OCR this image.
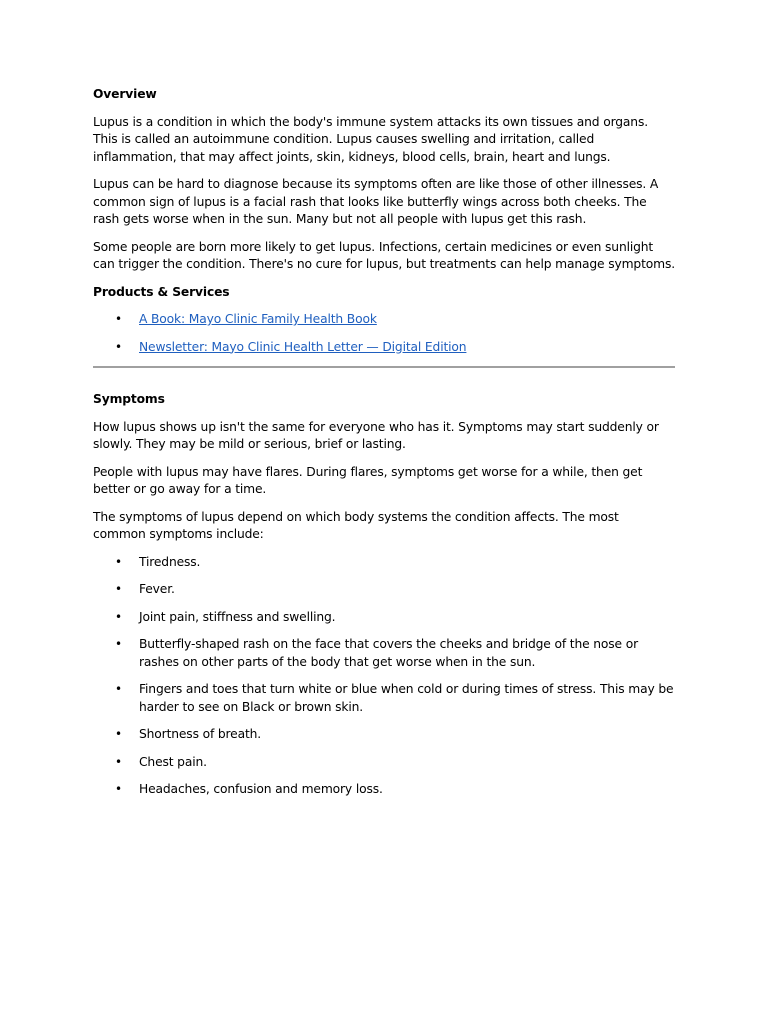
Overview

Lupus is a condition in which the body's immune system attacks its own tissues and organs. This is called an autoimmune condition. Lupus causes swelling and irritation, called inflammation, that may affect joints, skin, kidneys, blood cells, brain, heart and lungs.

Lupus can be hard to diagnose because its symptoms often are like those of other illnesses. A common sign of lupus is a facial rash that looks like butterfly wings across both cheeks. The rash gets worse when in the sun. Many but not all people with lupus get this rash.

Some people are born more likely to get lupus. Infections, certain medicines or even sunlight can trigger the condition. There's no cure for lupus, but treatments can help manage symptoms.

Products & Services
• A Book: Mayo Clinic Family Health Book
• Newsletter: Mayo Clinic Health Letter — Digital Edition
Symptoms

How lupus shows up isn't the same for everyone who has it. Symptoms may start suddenly or slowly. They may be mild or serious, brief or lasting.

People with lupus may have flares. During flares, symptoms get worse for a while, then get better or go away for a time.

The symptoms of lupus depend on which body systems the condition affects. The most common symptoms include:

• Tiredness.
• Fever.
• Joint pain, stiffness and swelling.
• Butterfly-shaped rash on the face that covers the cheeks and bridge of the nose or rashes on other parts of the body that get worse when in the sun.
• Fingers and toes that turn white or blue when cold or during times of stress. This may be harder to see on Black or brown skin.
• Shortness of breath.
• Chest pain.
• Headaches, confusion and memory loss.
